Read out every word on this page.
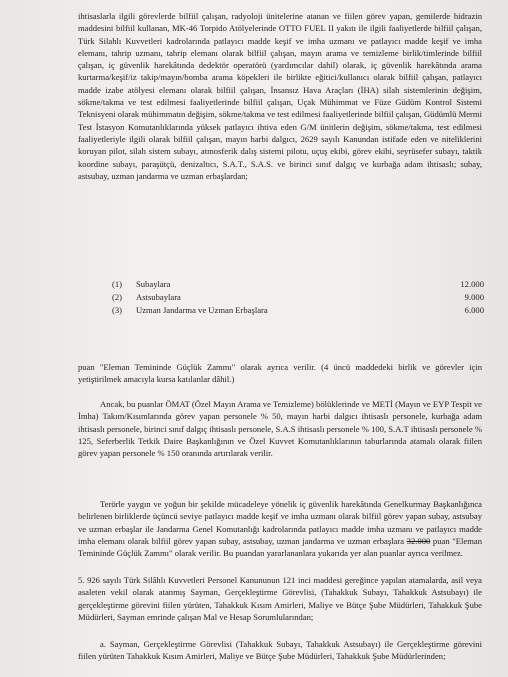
ihtisaslarla ilgili görevlerde bilfiil çalışan, radyoloji ünitelerine atanan ve fiilen görev yapan, gemilerde hidrazin maddesini bilfiil kullanan, MK-46 Torpido Atölyelerinde OTTO FUEL II yakıtı ile ilgili faaliyetlerde bilfiil çalışan, Türk Silahlı Kuvvetleri kadrolarında patlayıcı madde keşif ve imha uzmanı ve patlayıcı madde keşif ve imha elemanı, tahrip uzmanı, tahrip elemanı olarak bilfiil çalışan, mayın arama ve temizleme birlik/timlerinde bilfiil çalışan, iç güvenlik harekâtında dedektör operatörü (yardımcılar dahil) olarak, iç güvenlik harekâtında arama kurtarma/keşif/iz takip/mayın/bomba arama köpekleri ile birlikte eğitici/kullanıcı olarak bilfiil çalışan, patlayıcı madde izabe atölyesi elemanı olarak bilfiil çalışan, İnsansız Hava Araçları (İHA) silah sistemlerinin değişim, sökme/takma ve test edilmesi faaliyetlerinde bilfiil çalışan, Uçak Mühimmat ve Füze Güdüm Kontrol Sistemi Teknisyeni olarak mühimmatın değişim, sökme/takma ve test edilmesi faaliyetlerinde bilfiil çalışan, Güdümlü Mermi Test İstasyon Komutanlıklarında yüksek patlayıcı ihtiva eden G/M ünitlerin değişim, sökme/takma, test edilmesi faaliyetleriyle ilgili olarak bilfiil çalışan, mayın harbi dalgıcı, 2629 sayılı Kanundan istifade eden ve niteliklerini koruyan pilot, silah sistem subayı, atmosferik dalış sistemi pilotu, uçuş ekibi, görev ekibi, seyrüsefer subayı, taktik koordine subayı, paraşütçü, denizaltıcı, S.A.T., S.A.S. ve birinci sınıf dalgıç ve kurbağa adam ihtisaslı; subay, astsubay, uzman jandarma ve uzman erbaşlardan;

(1) Subaylara	12.000
(2) Astsubaylara	9.000
(3) Uzman Jandarma ve Uzman Erbaşlara	6.000

puan "Eleman Temininde Güçlük Zammı" olarak ayrıca verilir. (4 üncü maddedeki birlik ve görevler için yetiştirilmek amacıyla kursa katılanlar dâhil.)

Ancak, bu puanlar ÖMAT (Özel Mayın Arama ve Temizleme) bölüklerinde ve METİ (Mayın ve EYP Tespit ve İmha) Takım/Kısımlarında görev yapan personele % 50, mayın harbi dalgıcı ihtisaslı personele, kurbağa adam ihtisaslı personele, birinci sınıf dalgıç ihtisaslı personele, S.A.S ihtisaslı personele % 100, S.A.T ihtisaslı personele % 125, Seferberlik Tetkik Daire Başkanlığının ve Özel Kuvvet Komutanlıklarının taburlarında atamalı olarak fiilen görev yapan personele % 150 oranında artırılarak verilir.

Terörle yaygın ve yoğun bir şekilde mücadeleye yönelik iç güvenlik harekâtında Genelkurmay Başkanlığınca belirlenen birliklerde üçüncü seviye patlayıcı madde keşif ve imha uzmanı olarak bilfiil görev yapan subay, astsubay ve uzman erbaşlar ile Jandarma Genel Komutanlığı kadrolarında patlayıcı madde imha uzmanı ve patlayıcı madde imha elemanı olarak bilfiil görev yapan subay, astsubay, uzman jandarma ve uzman erbaşlara 32.000 puan "Eleman Temininde Güçlük Zammı" olarak verilir. Bu puandan yararlananlara yukarıda yer alan puanlar ayrıca verilmez.

5. 926 sayılı Türk Silâhlı Kuvvetleri Personel Kanununun 121 inci maddesi gereğince yapılan atamalarda, asil veya asaleten vekil olarak atanmış Sayman, Gerçekleştirme Görevlisi, (Tahakkuk Subayı, Tahakkuk Astsubayı) ile gerçekleştirme görevini fiilen yürüten, Tahakkuk Kısım Amirleri, Maliye ve Bütçe Şube Müdürleri, Tahakkuk Şube Müdürleri, Sayman emrinde çalışan Mal ve Hesap Sorumlularından;

a. Sayman, Gerçekleştirme Görevlisi (Tahakkuk Subayı, Tahakkuk Astsubayı) ile Gerçekleştirme görevini fiilen yürüten Tahakkuk Kısım Amirleri, Maliye ve Bütçe Şube Müdürleri, Tahakkuk Şube Müdürlerinden;
